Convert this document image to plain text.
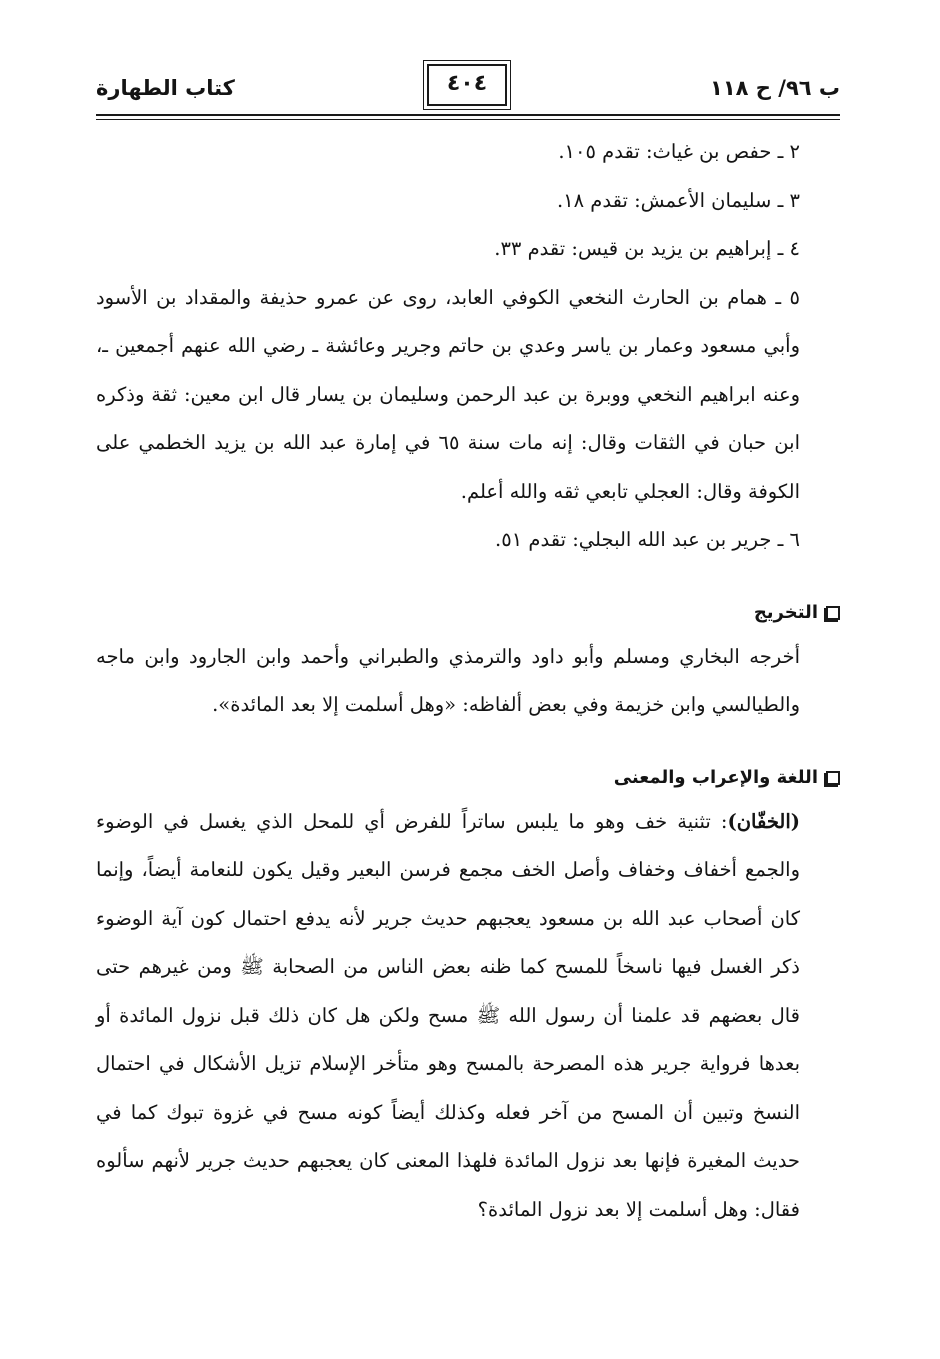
ب ٩٦/ ح ١١٨
٤٠٤
كتاب الطهارة

٢ ـ حفص بن غياث: تقدم ١٠٥.

٣ ـ سليمان الأعمش: تقدم ١٨.

٤ ـ إبراهيم بن يزيد بن قيس: تقدم ٣٣.

٥ ـ همام بن الحارث النخعي الكوفي العابد، روى عن عمرو حذيفة والمقداد بن الأسود وأبي مسعود وعمار بن ياسر وعدي بن حاتم وجرير وعائشة ـ رضي الله عنهم أجمعين ـ، وعنه ابراهيم النخعي ووبرة بن عبد الرحمن وسليمان بن يسار قال ابن معين: ثقة وذكره ابن حبان في الثقات وقال: إنه مات سنة ٦٥ في إمارة عبد الله بن يزيد الخطمي على الكوفة وقال: العجلي تابعي ثقه والله أعلم.

٦ ـ جرير بن عبد الله البجلي: تقدم ٥١.

التخريج

أخرجه البخاري ومسلم وأبو داود والترمذي والطبراني وأحمد وابن الجارود وابن ماجه والطيالسي وابن خزيمة وفي بعض ألفاظه: «وهل أسلمت إلا بعد المائدة».

اللغة والإعراب والمعنى

(الخفّان): تثنية خف وهو ما يلبس ساتراً للفرض أي للمحل الذي يغسل في الوضوء والجمع أخفاف وخفاف وأصل الخف مجمع فرسن البعير وقيل يكون للنعامة أيضاً، وإنما كان أصحاب عبد الله بن مسعود يعجبهم حديث جرير لأنه يدفع احتمال كون آية الوضوء ذكر الغسل فيها ناسخاً للمسح كما ظنه بعض الناس من الصحابة ﷺ ومن غيرهم حتى قال بعضهم قد علمنا أن رسول الله ﷺ مسح ولكن هل كان ذلك قبل نزول المائدة أو بعدها فرواية جرير هذه المصرحة بالمسح وهو متأخر الإسلام تزيل الأشكال في احتمال النسخ وتبين أن المسح من آخر فعله وكذلك أيضاً كونه مسح في غزوة تبوك كما في حديث المغيرة فإنها بعد نزول المائدة فلهذا المعنى كان يعجبهم حديث جرير لأنهم سألوه فقال: وهل أسلمت إلا بعد نزول المائدة؟
